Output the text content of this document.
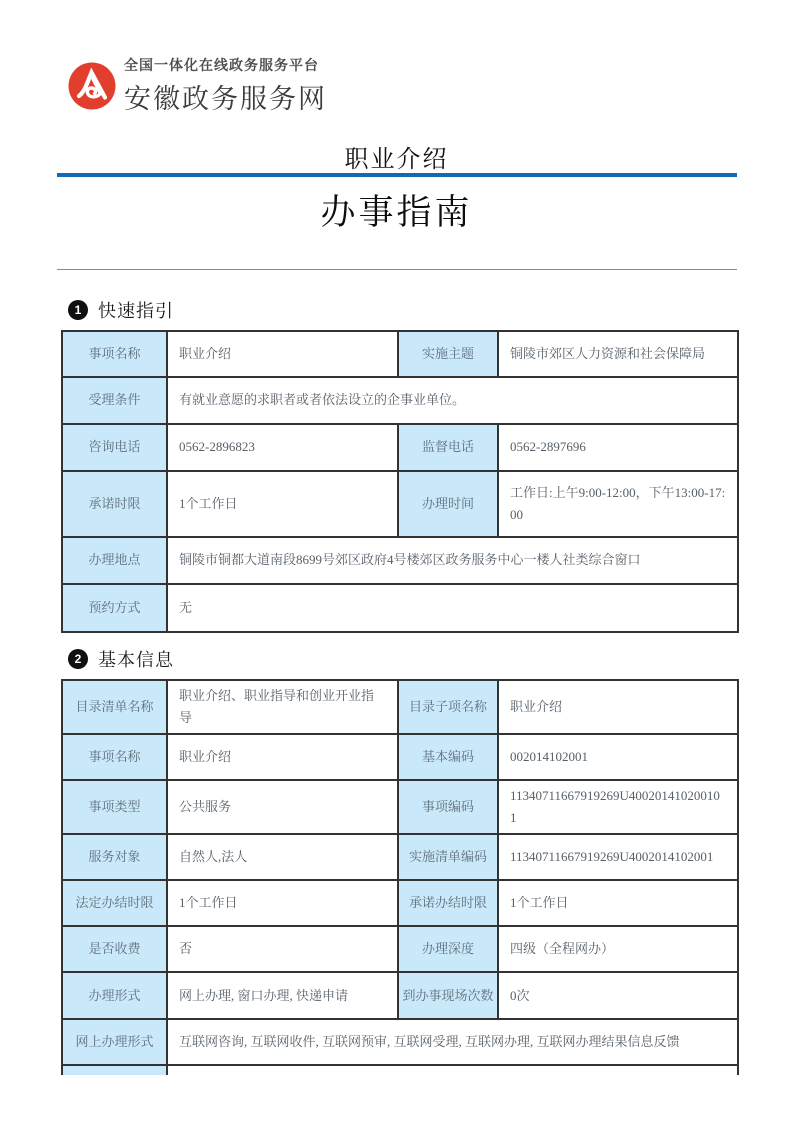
全国一体化在线政务服务平台
安徽政务服务网
职业介绍
办事指南
1 快速指引
事项名称	职业介绍	实施主题	铜陵市郊区人力资源和社会保障局
受理条件	有就业意愿的求职者或者依法设立的企事业单位。		
咨询电话	0562-2896823	监督电话	0562-2897696
承诺时限	1个工作日	办理时间	工作日:上午9:00-12:00，下午13:00-17:00
办理地点	铜陵市铜都大道南段8699号郊区政府4号楼郊区政务服务中心一楼人社类综合窗口		
预约方式	无		
2 基本信息
目录清单名称	职业介绍、职业指导和创业开业指导	目录子项名称	职业介绍
事项名称	职业介绍	基本编码	002014102001
事项类型	公共服务	事项编码	11340711667919269U400201410200101
服务对象	自然人,法人	实施清单编码	11340711667919269U4002014102001
法定办结时限	1个工作日	承诺办结时限	1个工作日
是否收费	否	办理深度	四级（全程网办）
办理形式	网上办理, 窗口办理, 快递申请	到办事现场次数	0次
网上办理形式	互联网咨询, 互联网收件, 互联网预审, 互联网受理, 互联网办理, 互联网办理结果信息反馈		
